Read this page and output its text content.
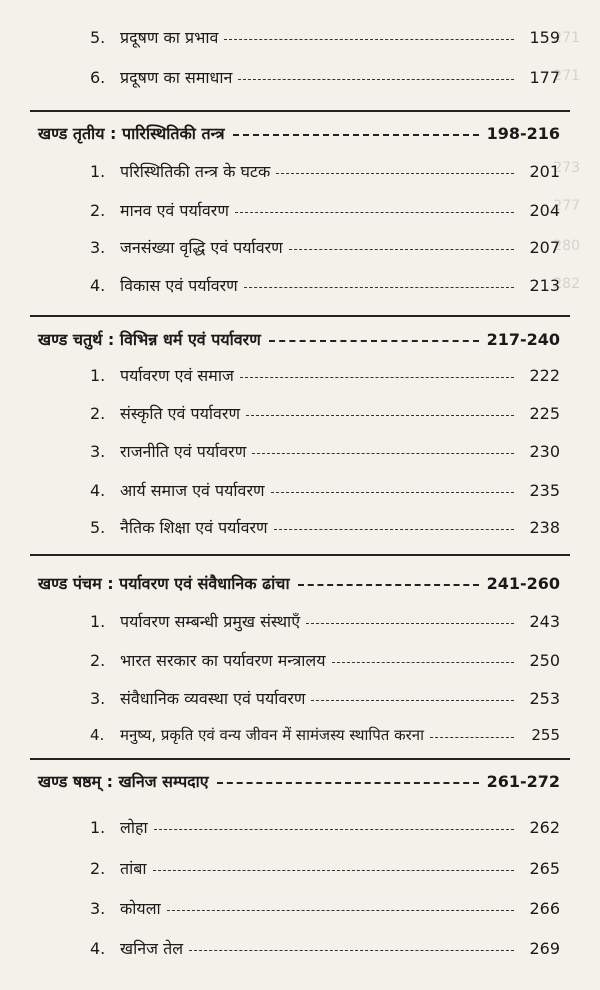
271
271
273
277
280
282
5. प्रदूषण का प्रभाव	159
6. प्रदूषण का समाधान	177
खण्ड तृतीय : पारिस्थितिकी तन्त्र	198-216
1. परिस्थितिकी तन्त्र के घटक	201
2. मानव एवं पर्यावरण	204
3. जनसंख्या वृद्धि एवं पर्यावरण	207
4. विकास एवं पर्यावरण	213
खण्ड चतुर्थ : विभिन्न धर्म एवं पर्यावरण	217-240
1. पर्यावरण एवं समाज	222
2. संस्कृति एवं पर्यावरण	225
3. राजनीति एवं पर्यावरण	230
4. आर्य समाज एवं पर्यावरण	235
5. नैतिक शिक्षा एवं पर्यावरण	238
खण्ड पंचम : पर्यावरण एवं संवैधानिक ढांचा	241-260
1. पर्यावरण सम्बन्धी प्रमुख संस्थाएँ	243
2. भारत सरकार का पर्यावरण मन्त्रालय	250
3. संवैधानिक व्यवस्था एवं पर्यावरण	253
4.	मनुष्य, प्रकृति एवं वन्य जीवन में सामंजस्य स्थापित करना	255
खण्ड षष्ठम् : खनिज सम्पदाए	261-272
1. लोहा	262
2. तांबा	265
3. कोयला	266
4. खनिज तेल	269
